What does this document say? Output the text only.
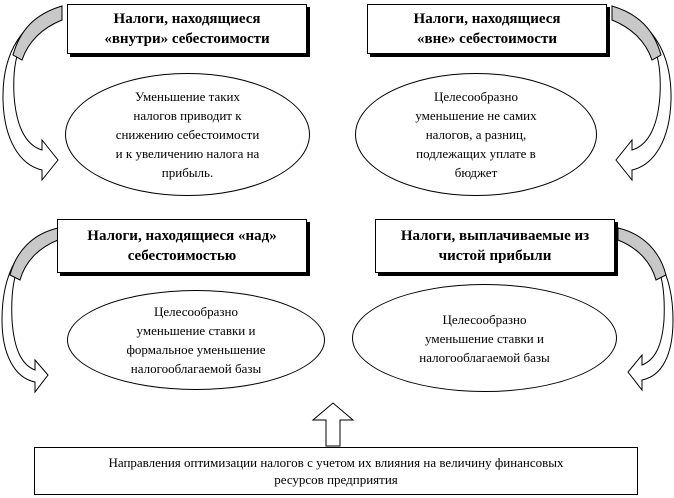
Налоги, находящиеся
«внутри» себестоимости
Налоги, находящиеся
«вне» себестоимости
Налоги, находящиеся «над»
себестоимостью
Налоги, выплачиваемые из
чистой прибыли
Уменьшение таких
налогов приводит к
снижению себестоимости
и к увеличению налога на
прибыль.
Целесообразно
уменьшение не самих
налогов, а разниц,
подлежащих уплате в
бюджет
Целесообразно
уменьшение ставки и
формальное уменьшение
налогооблагаемой базы
Целесообразно
уменьшение ставки и
налогооблагаемой базы
Направления оптимизации налогов с учетом их влияния на величину финансовых
ресурсов предприятия
